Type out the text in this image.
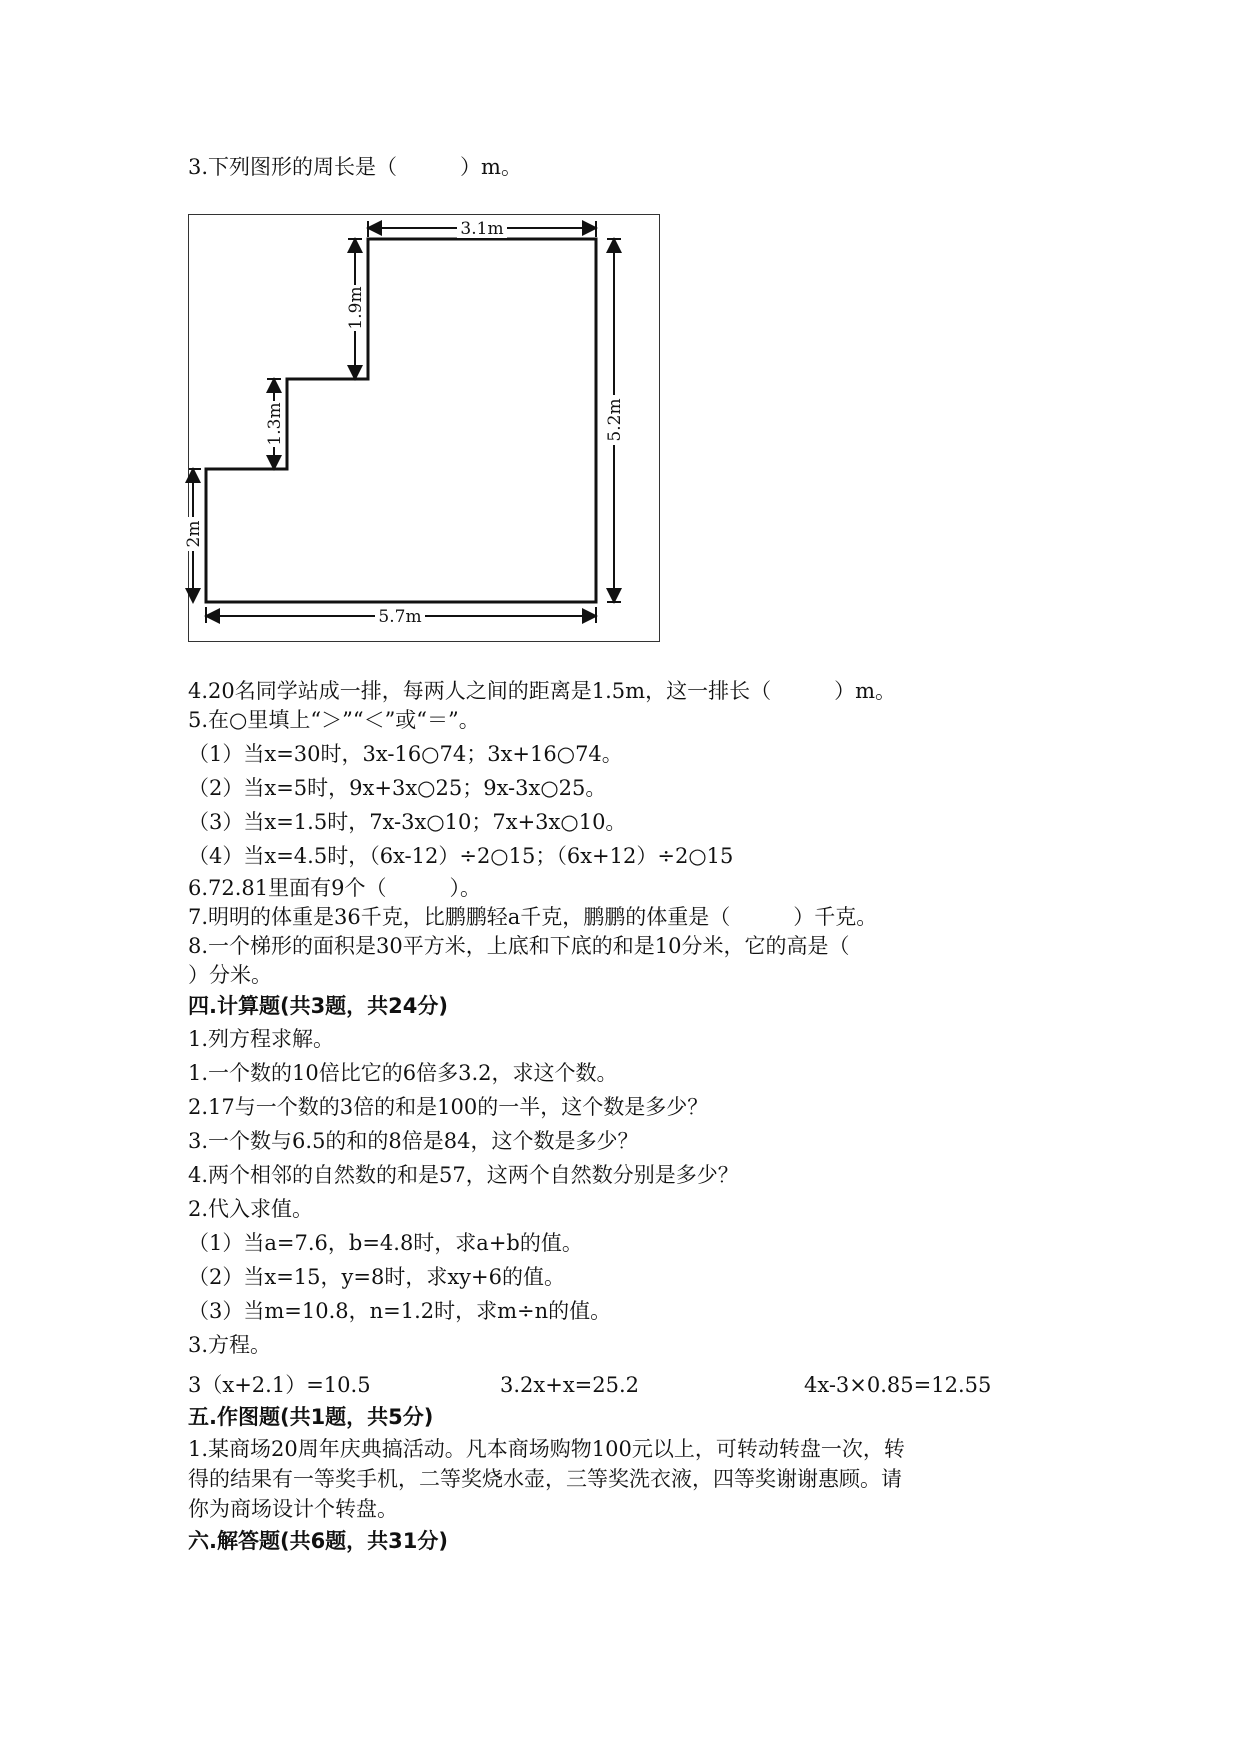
3.下列图形的周长是（　　　）m。
3.1m
1.9m
1.3m
2m
5.2m
5.7m
4.20名同学站成一排，每两人之间的距离是1.5m，这一排长（　　　）m。
5.在○里填上“＞”“＜”或“＝”。
（1）当x=30时，3x-16○74；3x+16○74。
（2）当x=5时，9x+3x○25；9x-3x○25。
（3）当x=1.5时，7x-3x○10；7x+3x○10。
（4）当x=4.5时，（6x-12）÷2○15；（6x+12）÷2○15
6.72.81里面有9个（　　　）。
7.明明的体重是36千克，比鹏鹏轻a千克，鹏鹏的体重是（　　　）千克。
8.一个梯形的面积是30平方米，上底和下底的和是10分米，它的高是（
）分米。
四.计算题(共3题，共24分)
1.列方程求解。
1.一个数的10倍比它的6倍多3.2，求这个数。
2.17与一个数的3倍的和是100的一半，这个数是多少？
3.一个数与6.5的和的8倍是84，这个数是多少？
4.两个相邻的自然数的和是57，这两个自然数分别是多少？
2.代入求值。
（1）当a=7.6，b=4.8时，求a+b的值。
（2）当x=15，y=8时，求xy+6的值。
（3）当m=10.8，n=1.2时，求m÷n的值。
3.方程。
3（x+2.1）=10.5	3.2x+x=25.2	4x-3×0.85=12.55
五.作图题(共1题，共5分)
1.某商场20周年庆典搞活动。凡本商场购物100元以上，可转动转盘一次，转
得的结果有一等奖手机，二等奖烧水壶，三等奖洗衣液，四等奖谢谢惠顾。请
你为商场设计个转盘。
六.解答题(共6题，共31分)
